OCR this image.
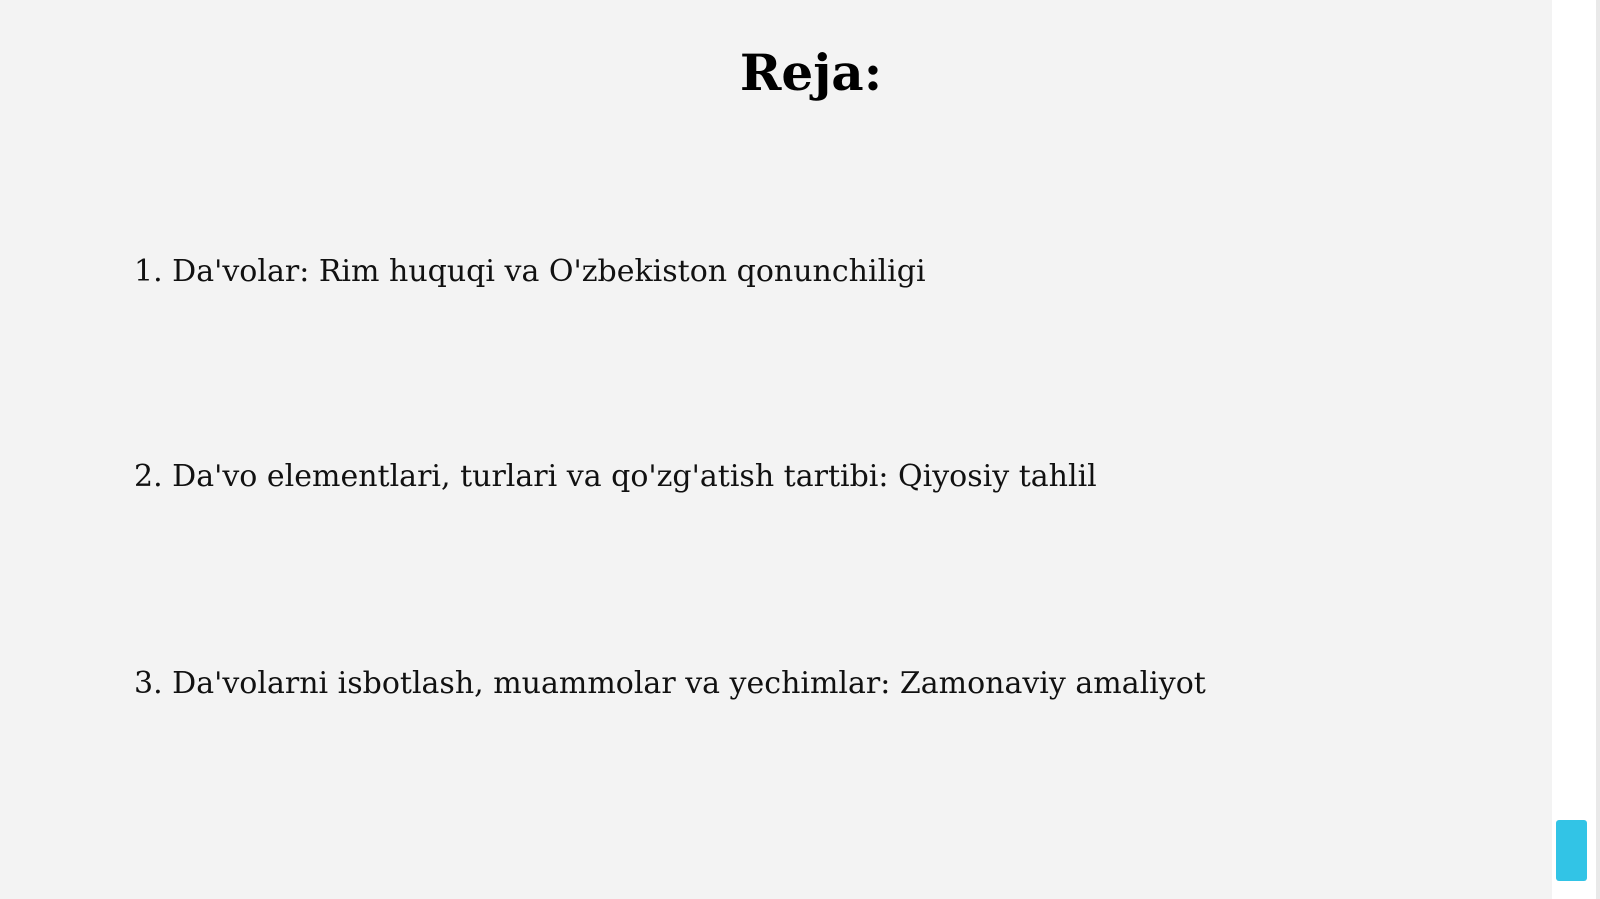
Reja:
1. Da'volar: Rim huquqi va O'zbekiston qonunchiligi
2. Da'vo elementlari, turlari va qo'zg'atish tartibi: Qiyosiy tahlil
3. Da'volarni isbotlash, muammolar va yechimlar: Zamonaviy amaliyot
